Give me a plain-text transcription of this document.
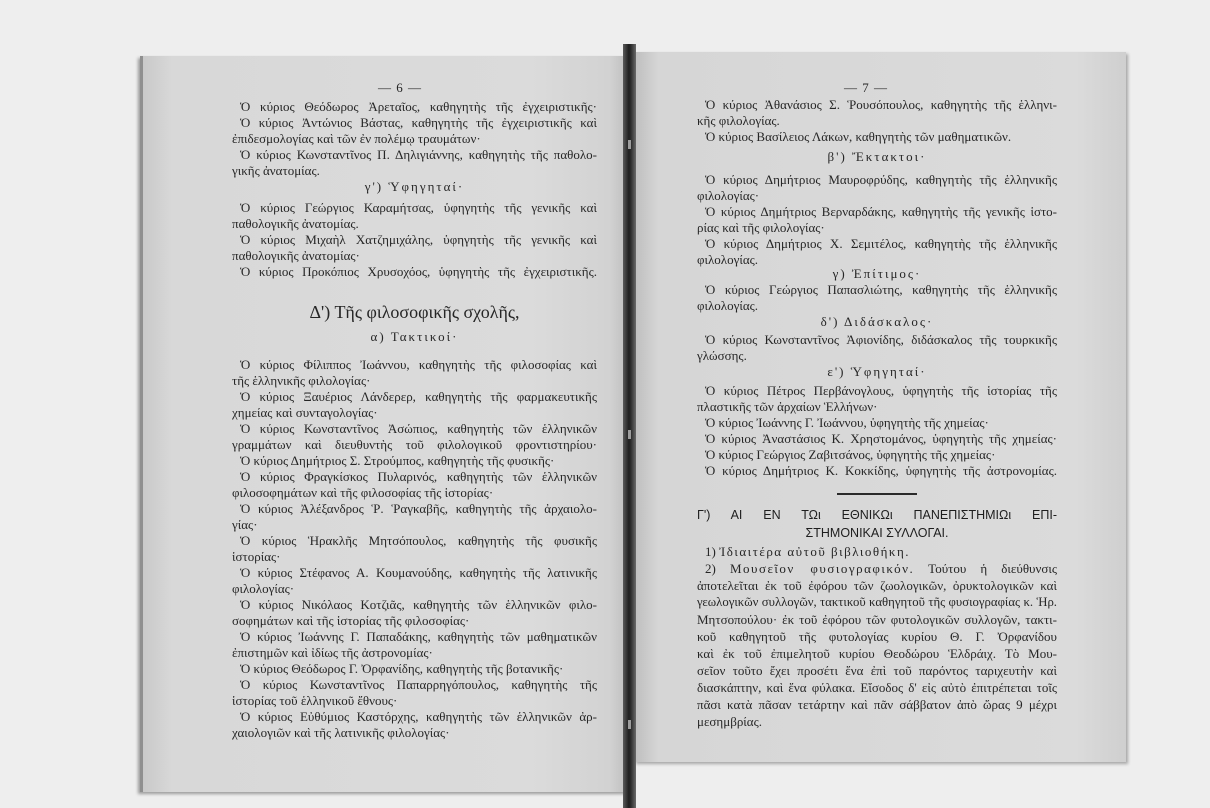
— 6 —	— 7 —
Ὁ κύριος Θεόδωρος Ἀρεταῖος, καθηγητὴς τῆς ἐγχειριστικῆς·
Ὁ κύριος Ἀντώνιος Βάστας, καθηγητὴς τῆς ἐγχειριστικῆς καὶ
ἐπιδεσμολογίας καὶ τῶν ἐν πολέμῳ τραυμάτων·
Ὁ κύριος Κωνσταντῖνος Π. Δηλιγιάννης, καθηγητὴς τῆς παθολο-
γικῆς ἀνατομίας.
γ') Ὑφηγηταί·
Ὁ κύριος Γεώργιος Καραμήτσας, ὑφηγητὴς τῆς γενικῆς καὶ
παθολογικῆς ἀνατομίας.
Ὁ κύριος Μιχαὴλ Χατζημιχάλης, ὑφηγητὴς τῆς γενικῆς καὶ
παθολογικῆς ἀνατομίας·
Ὁ κύριος Προκόπιος Χρυσοχόος, ὑφηγητὴς τῆς ἐγχειριστικῆς.
Δ') Τῆς φιλοσοφικῆς σχολῆς,
α) Τακτικοί·
Ὁ κύριος Φίλιππος Ἰωάννου, καθηγητὴς τῆς φιλοσοφίας καὶ
τῆς ἑλληνικῆς φιλολογίας·
Ὁ κύριος Ξαυέριος Λάνδερερ, καθηγητὴς τῆς φαρμακευτικῆς
χημείας καὶ συνταγολογίας·
Ὁ κύριος Κωνσταντῖνος Ἀσώπιος, καθηγητὴς τῶν ἑλληνικῶν
γραμμάτων καὶ διευθυντὴς τοῦ φιλολογικοῦ φροντιστηρίου·
Ὁ κύριος Δημήτριος Σ. Στρούμπος, καθηγητὴς τῆς φυσικῆς·
Ὁ κύριος Φραγκίσκος Πυλαρινός, καθηγητὴς τῶν ἑλληνικῶν
φιλοσοφημάτων καὶ τῆς φιλοσοφίας τῆς ἱστορίας·
Ὁ κύριος Ἀλέξανδρος Ῥ. Ῥαγκαβῆς, καθηγητὴς τῆς ἀρχαιολο-
γίας·
Ὁ κύριος Ἡρακλῆς Μητσόπουλος, καθηγητὴς τῆς φυσικῆς
ἱστορίας·
Ὁ κύριος Στέφανος Α. Κουμανούδης, καθηγητὴς τῆς λατινικῆς
φιλολογίας·
Ὁ κύριος Νικόλαος Κοτζιᾶς, καθηγητὴς τῶν ἑλληνικῶν φιλο-
σοφημάτων καὶ τῆς ἱστορίας τῆς φιλοσοφίας·
Ὁ κύριος Ἰωάννης Γ. Παπαδάκης, καθηγητὴς τῶν μαθηματικῶν
ἐπιστημῶν καὶ ἰδίως τῆς ἀστρονομίας·
Ὁ κύριος Θεόδωρος Γ. Ὀρφανίδης, καθηγητὴς τῆς βοτανικῆς·
Ὁ κύριος Κωνσταντῖνος Παπαρρηγόπουλος, καθηγητὴς τῆς
ἱστορίας τοῦ ἑλληνικοῦ ἔθνους·
Ὁ κύριος Εὐθύμιος Καστόρχης, καθηγητὴς τῶν ἑλληνικῶν ἀρ-
χαιολογιῶν καὶ τῆς λατινικῆς φιλολογίας·
Ὁ κύριος Ἀθανάσιος Σ. Ῥουσόπουλος, καθηγητὴς τῆς ἑλληνι-
κῆς φιλολογίας.
Ὁ κύριος Βασίλειος Λάκων, καθηγητὴς τῶν μαθηματικῶν.
β') Ἔκτακτοι·
Ὁ κύριος Δημήτριος Μαυροφρύδης, καθηγητὴς τῆς ἑλληνικῆς
φιλολογίας·
Ὁ κύριος Δημήτριος Βερναρδάκης, καθηγητὴς τῆς γενικῆς ἱστο-
ρίας καὶ τῆς φιλολογίας·
Ὁ κύριος Δημήτριος Χ. Σεμιτέλος, καθηγητὴς τῆς ἑλληνικῆς
φιλολογίας.
γ) Ἐπίτιμος·
Ὁ κύριος Γεώργιος Παπασλιώτης, καθηγητὴς τῆς ἑλληνικῆς
φιλολογίας.
δ') Διδάσκαλος·
Ὁ κύριος Κωνσταντῖνος Ἀφιονίδης, διδάσκαλος τῆς τουρκικῆς
γλώσσης.
ε') Ὑφηγηταί·
Ὁ κύριος Πέτρος Περβάνογλους, ὑφηγητὴς τῆς ἱστορίας τῆς
πλαστικῆς τῶν ἀρχαίων Ἑλλήνων·
Ὁ κύριος Ἰωάννης Γ. Ἰωάννου, ὑφηγητὴς τῆς χημείας·
Ὁ κύριος Ἀναστάσιος Κ. Χρηστομάνος, ὑφηγητὴς τῆς χημείας·
Ὁ κύριος Γεώργιος Ζαβιτσάνος, ὑφηγητὴς τῆς χημείας·
Ὁ κύριος Δημήτριος Κ. Κοκκίδης, ὑφηγητὴς τῆς ἀστρονομίας.
Γ') ΑΙ ΕΝ ΤΩι ΕΘΝΙΚΩι ΠΑΝΕΠΙΣΤΗΜΙΩι ΕΠΙ-
ΣΤΗΜΟΝΙΚΑΙ ΣΥΛΛΟΓΑΙ.
1) Ἰδιαιτέρα αὐτοῦ βιβλιοθήκη.
2) Μουσεῖον φυσιογραφικόν. Τούτου ἡ διεύθυνσις
ἀποτελεῖται ἐκ τοῦ ἐφόρου τῶν ζωολογικῶν, ὀρυκτολογικῶν καὶ
γεωλογικῶν συλλογῶν, τακτικοῦ καθηγητοῦ τῆς φυσιογραφίας κ. Ἡρ.
Μητσοπούλου· ἐκ τοῦ ἐφόρου τῶν φυτολογικῶν συλλογῶν, τακτι-
κοῦ καθηγητοῦ τῆς φυτολογίας κυρίου Θ. Γ. Ὀρφανίδου
καὶ ἐκ τοῦ ἐπιμελητοῦ κυρίου Θεοδώρου Ἑλδράιχ. Τὸ Μου-
σεῖον τοῦτο ἔχει προσέτι ἕνα ἐπὶ τοῦ παρόντος ταριχευτὴν καὶ
διασκάπτην, καὶ ἕνα φύλακα. Εἴσοδος δ' εἰς αὐτὸ ἐπιτρέπεται τοῖς
πᾶσι κατὰ πᾶσαν τετάρτην καὶ πᾶν σάββατον ἀπὸ ὥρας 9 μέχρι
μεσημβρίας.
